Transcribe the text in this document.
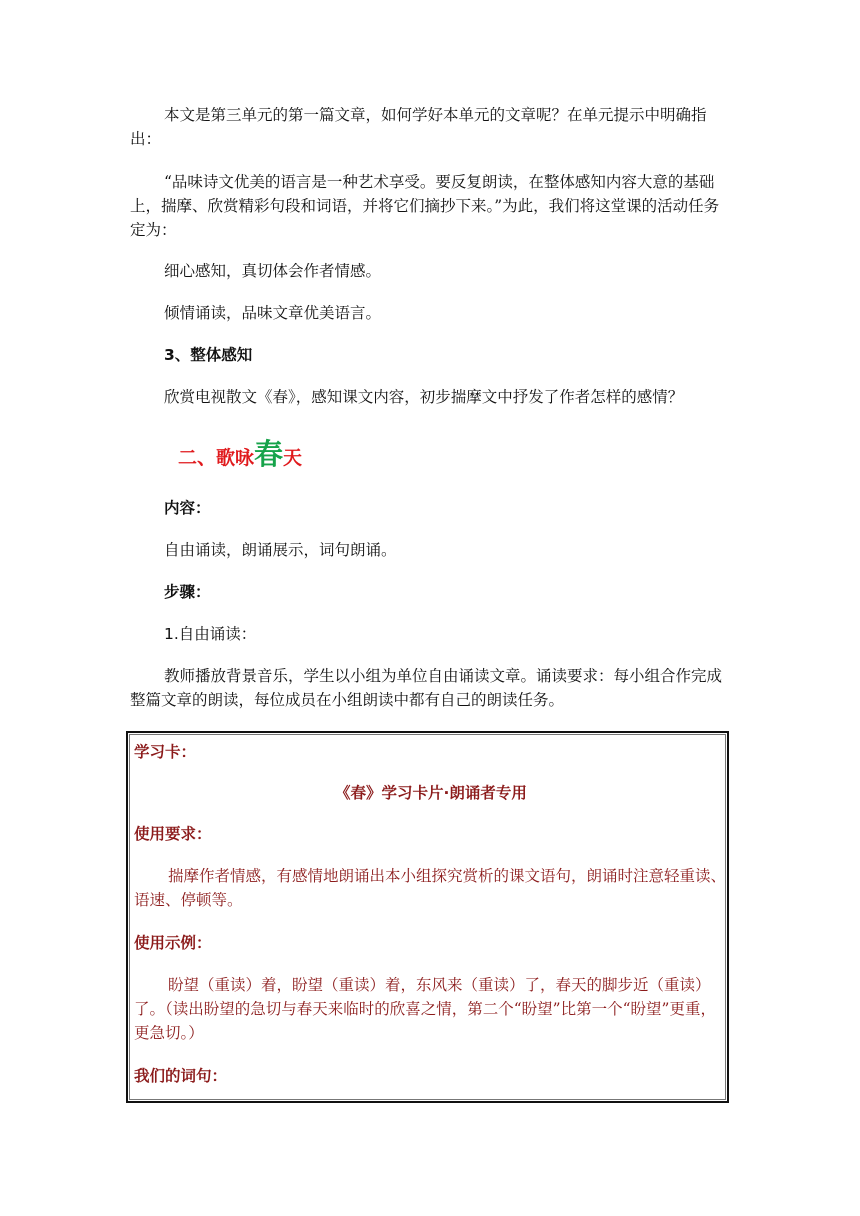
本文是第三单元的第一篇文章，如何学好本单元的文章呢？在单元提示中明确指出：

“品味诗文优美的语言是一种艺术享受。要反复朗读，在整体感知内容大意的基础上，揣摩、欣赏精彩句段和词语，并将它们摘抄下来。”为此，我们将这堂课的活动任务定为：

细心感知，真切体会作者情感。

倾情诵读，品味文章优美语言。

3、整体感知

欣赏电视散文《春》，感知课文内容，初步揣摩文中抒发了作者怎样的感情？

二、歌咏春天

内容：

自由诵读，朗诵展示，词句朗诵。

步骤：

1.自由诵读：

教师播放背景音乐，学生以小组为单位自由诵读文章。诵读要求：每小组合作完成整篇文章的朗读，每位成员在小组朗读中都有自己的朗读任务。

学习卡：

《春》学习卡片·朗诵者专用

使用要求：

揣摩作者情感，有感情地朗诵出本小组探究赏析的课文语句，朗诵时注意轻重读、语速、停顿等。

使用示例：

盼望（重读）着，盼望（重读）着，东风来（重读）了，春天的脚步近（重读）了。（读出盼望的急切与春天来临时的欣喜之情，第二个“盼望”比第一个“盼望”更重，更急切。）

我们的词句：
